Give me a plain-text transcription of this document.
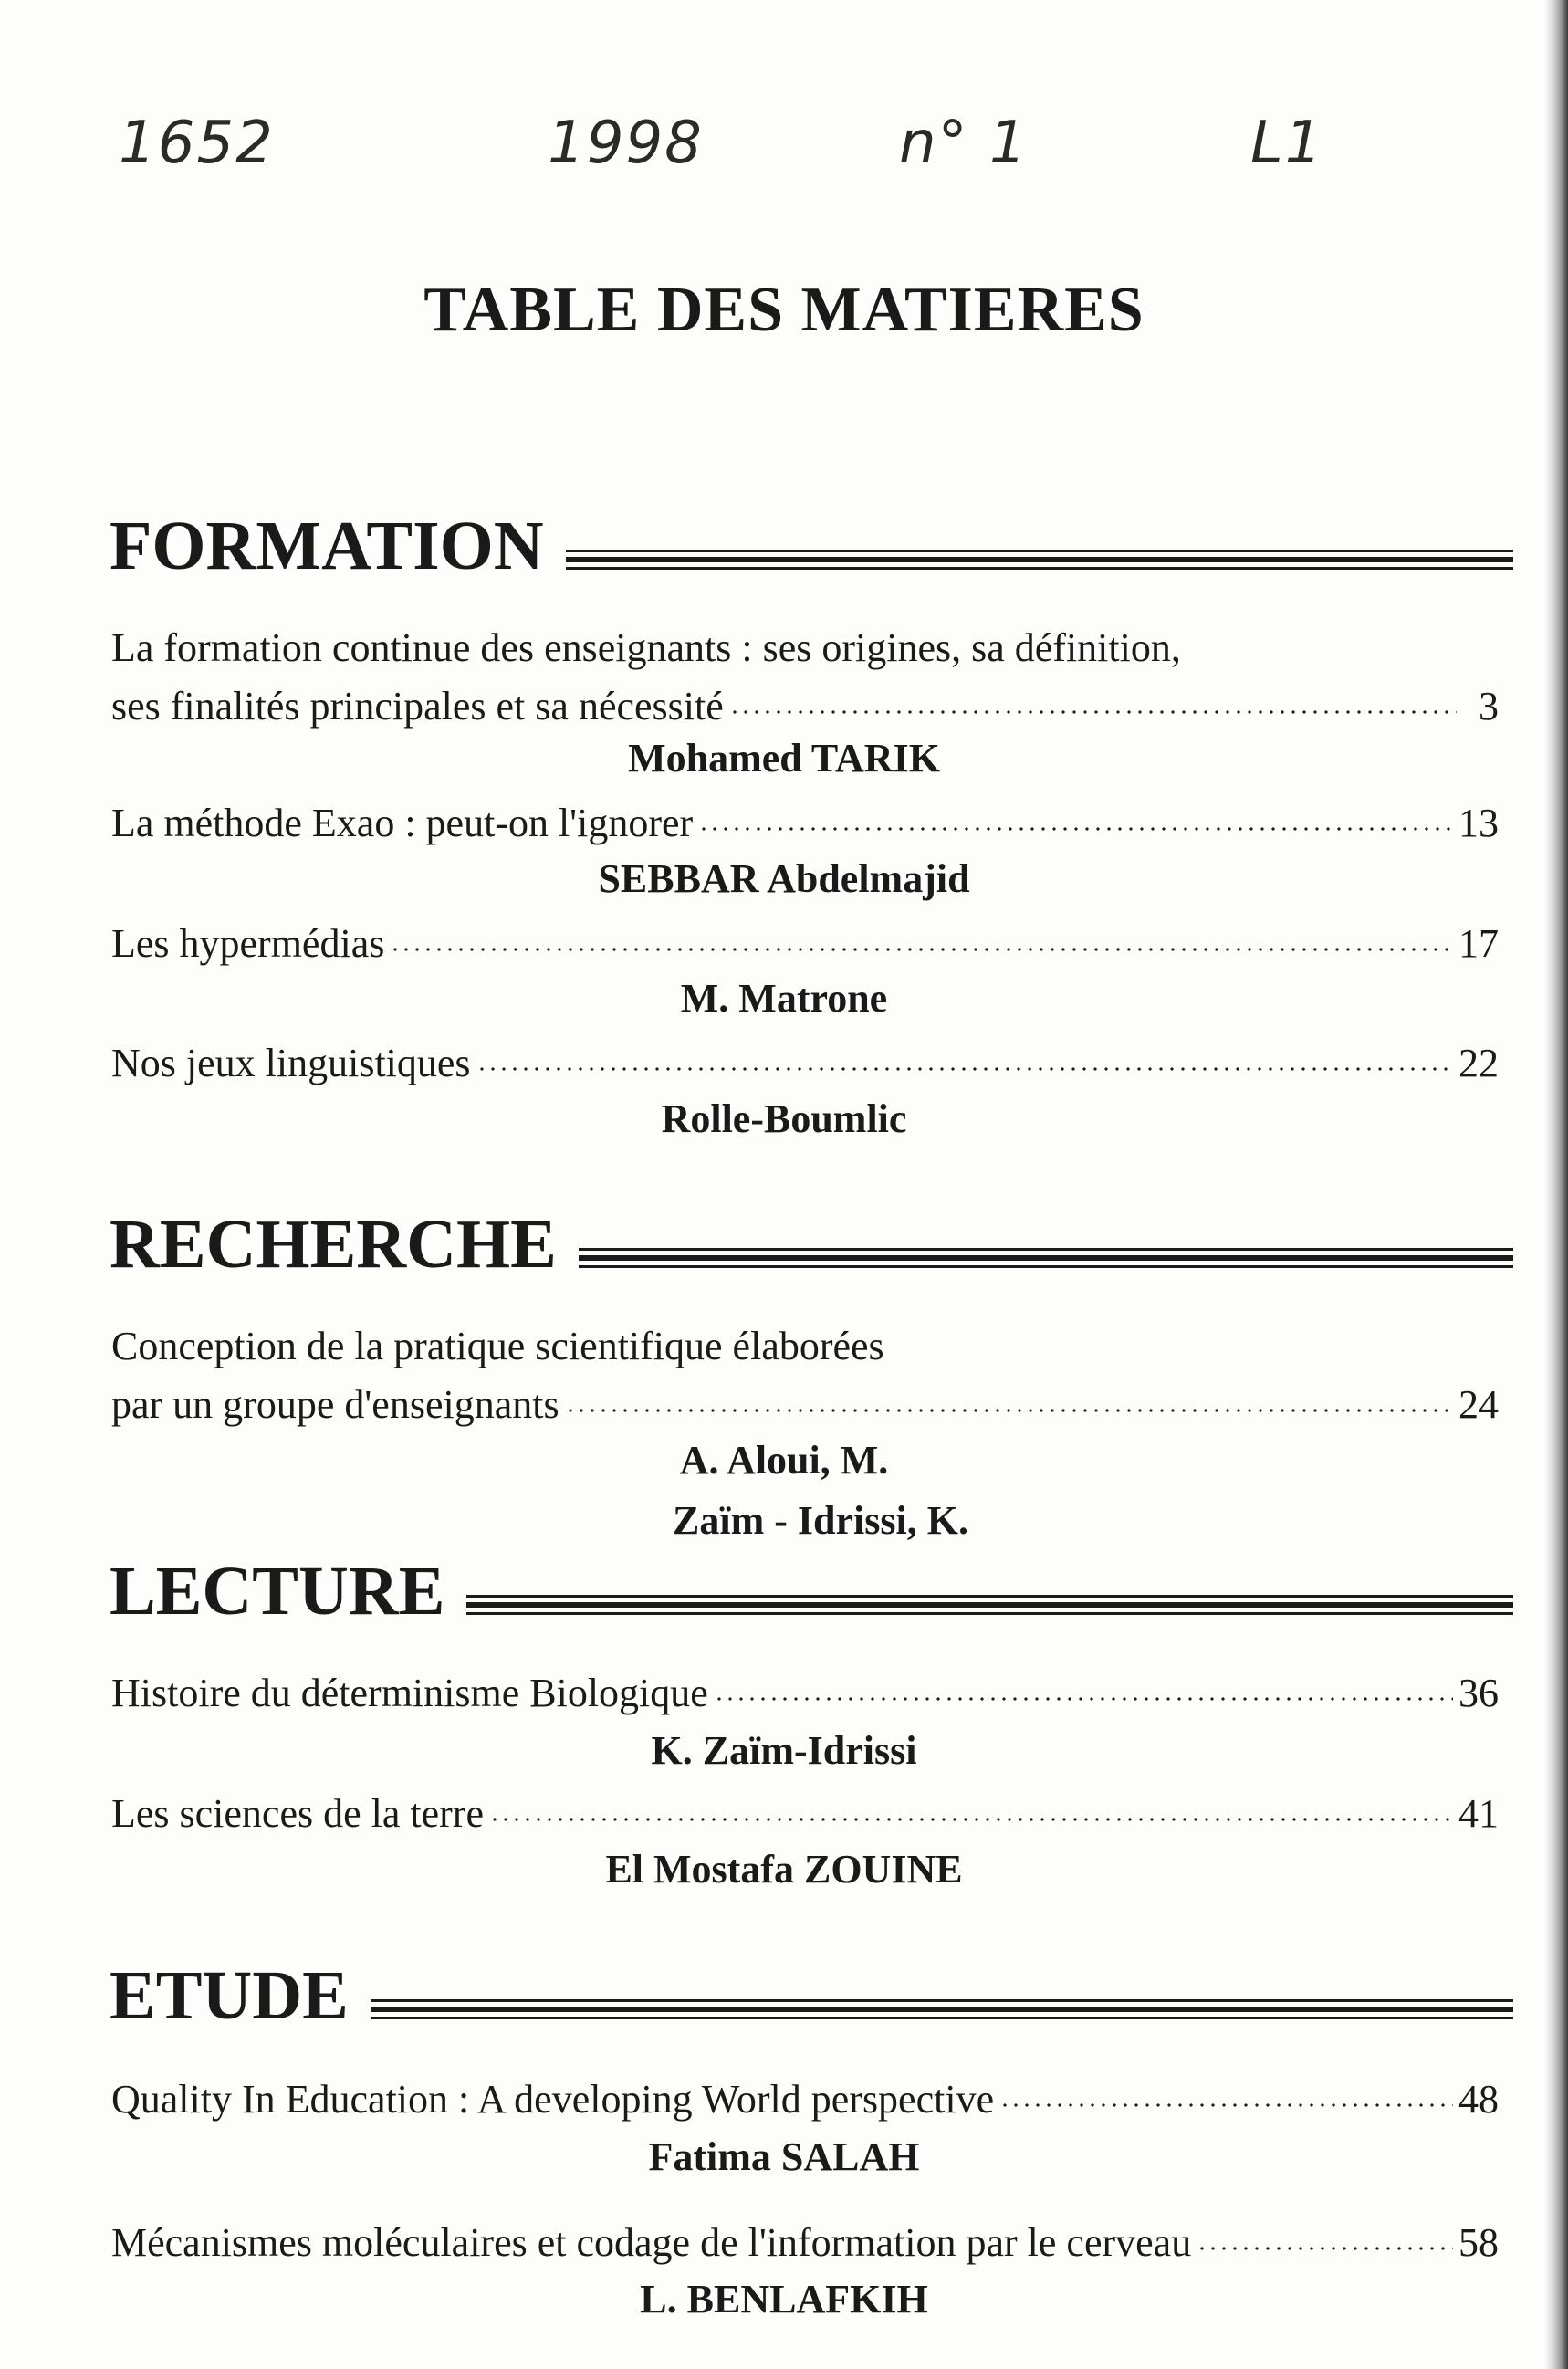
1652	1998	n° 1	L1
TABLE DES MATIERES
FORMATION
La formation continue des enseignants : ses origines, sa définition,
ses finalités principales et sa nécessité	3
Mohamed TARIK
La méthode Exao : peut-on l'ignorer	13
SEBBAR Abdelmajid
Les hypermédias	17
M. Matrone
Nos jeux linguistiques	22
Rolle-Boumlic
RECHERCHE
Conception de la pratique scientifique élaborées
par un groupe d'enseignants	24
A. Aloui, M.
Zaïm - Idrissi, K.
LECTURE
Histoire du déterminisme Biologique	36
K. Zaïm-Idrissi
Les sciences de la terre	41
El Mostafa ZOUINE
ETUDE
Quality In Education : A developing World perspective	48
Fatima SALAH
Mécanismes moléculaires et codage de l'information par le cerveau	58
L. BENLAFKIH
